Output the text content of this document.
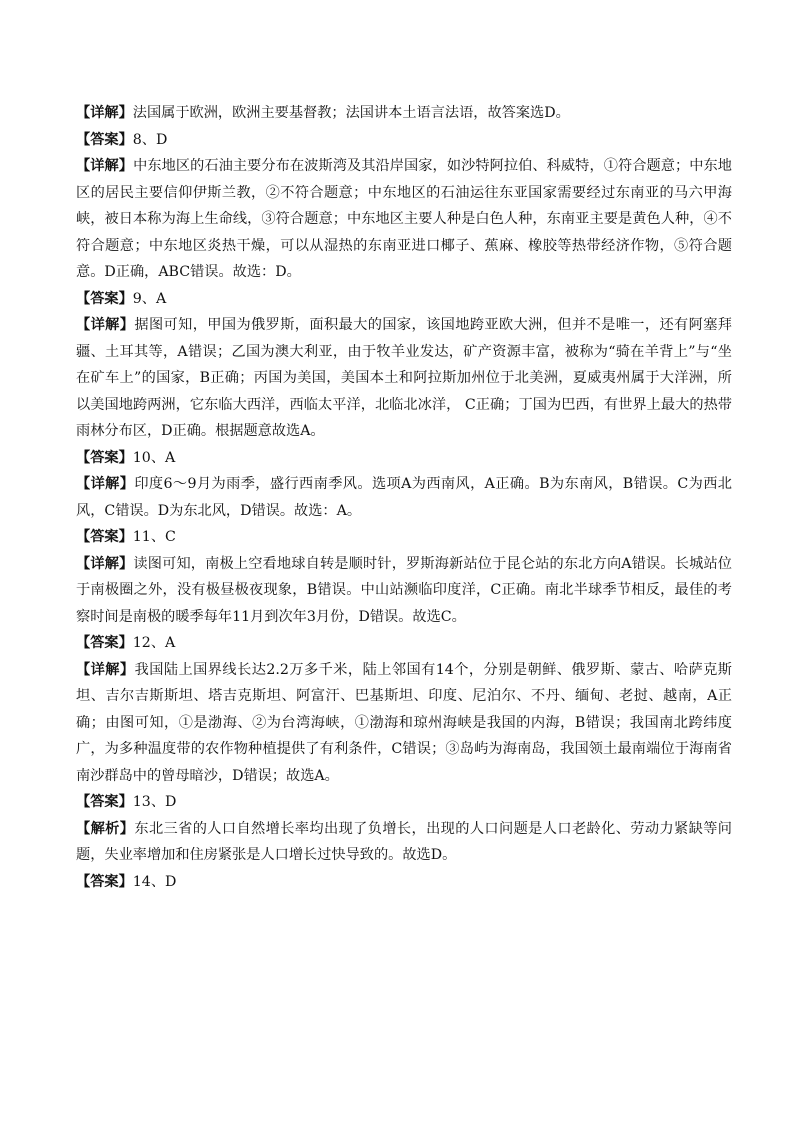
【详解】法国属于欧洲，欧洲主要基督教；法国讲本土语言法语，故答案选D。

【答案】8、D

【详解】中东地区的石油主要分布在波斯湾及其沿岸国家，如沙特阿拉伯、科威特，①符合题意；中东地区的居民主要信仰伊斯兰教，②不符合题意；中东地区的石油运往东亚国家需要经过东南亚的马六甲海峡，被日本称为海上生命线，③符合题意；中东地区主要人种是白色人种，东南亚主要是黄色人种，④不符合题意；中东地区炎热干燥，可以从湿热的东南亚进口椰子、蕉麻、橡胶等热带经济作物，⑤符合题意。D正确，ABC错误。故选：D。

【答案】9、A

【详解】据图可知，甲国为俄罗斯，面积最大的国家，该国地跨亚欧大洲，但并不是唯一，还有阿塞拜疆、土耳其等，A错误；乙国为澳大利亚，由于牧羊业发达，矿产资源丰富，被称为“骑在羊背上”与“坐在矿车上”的国家，B正确；丙国为美国，美国本土和阿拉斯加州位于北美洲，夏威夷州属于大洋洲，所以美国地跨两洲，它东临大西洋，西临太平洋，北临北冰洋， C正确；丁国为巴西，有世界上最大的热带雨林分布区，D正确。根据题意故选A。

【答案】10、A

【详解】印度6～9月为雨季，盛行西南季风。选项A为西南风，A正确。B为东南风，B错误。C为西北风，C错误。D为东北风，D错误。故选：A。

【答案】11、C

【详解】读图可知，南极上空看地球自转是顺时针，罗斯海新站位于昆仑站的东北方向A错误。长城站位于南极圈之外，没有极昼极夜现象，B错误。中山站濒临印度洋，C正确。南北半球季节相反，最佳的考察时间是南极的暖季每年11月到次年3月份，D错误。故选C。

【答案】12、A

【详解】我国陆上国界线长达2.2万多千米，陆上邻国有14个，分别是朝鲜、俄罗斯、蒙古、哈萨克斯坦、吉尔吉斯斯坦、塔吉克斯坦、阿富汗、巴基斯坦、印度、尼泊尔、不丹、缅甸、老挝、越南，A正确；由图可知，①是渤海、②为台湾海峡，①渤海和琼州海峡是我国的内海，B错误；我国南北跨纬度广，为多种温度带的农作物种植提供了有利条件，C错误；③岛屿为海南岛，我国领土最南端位于海南省南沙群岛中的曾母暗沙，D错误；故选A。

【答案】13、D

【解析】东北三省的人口自然增长率均出现了负增长，出现的人口问题是人口老龄化、劳动力紧缺等问题，失业率增加和住房紧张是人口增长过快导致的。故选D。

【答案】14、D
